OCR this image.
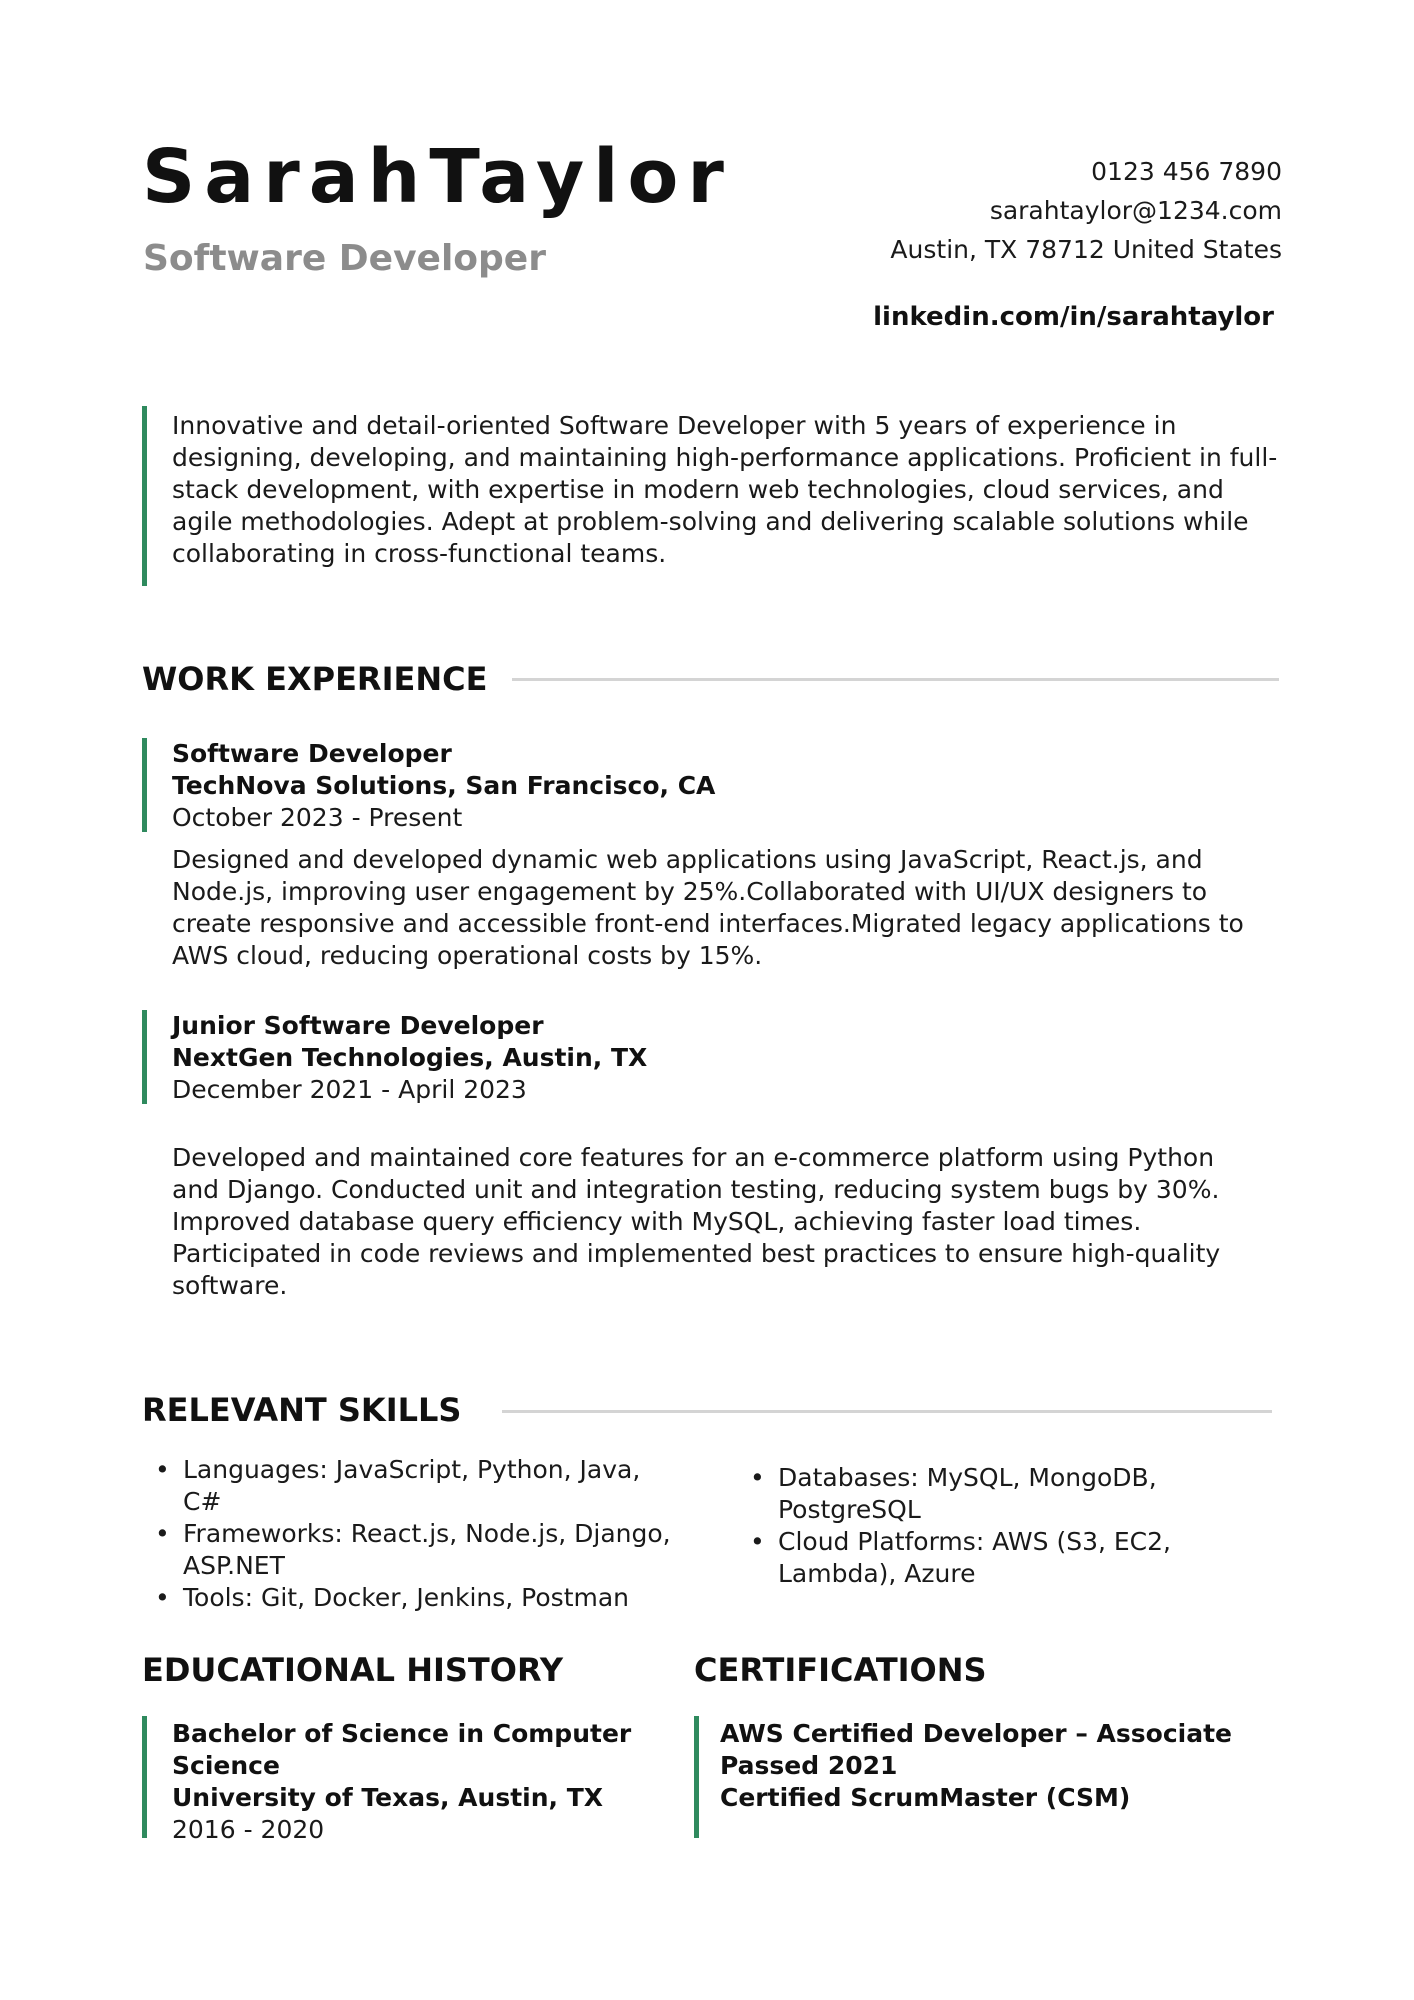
SarahTaylor
Software Developer
0123 456 7890
sarahtaylor@1234.com
Austin, TX 78712 United States
linkedin.com/in/sarahtaylor
Innovative and detail-oriented Software Developer with 5 years of experience in designing, developing, and maintaining high-performance applications. Proficient in full-stack development, with expertise in modern web technologies, cloud services, and agile methodologies. Adept at problem-solving and delivering scalable solutions while collaborating in cross-functional teams.
WORK EXPERIENCE
Software Developer
TechNova Solutions, San Francisco, CA
October 2023 - Present
Designed and developed dynamic web applications using JavaScript, React.js, and Node.js, improving user engagement by 25%.Collaborated with UI/UX designers to create responsive and accessible front-end interfaces.Migrated legacy applications to AWS cloud, reducing operational costs by 15%.
Junior Software Developer
NextGen Technologies, Austin, TX
December 2021 - April 2023
Developed and maintained core features for an e-commerce platform using Python and Django. Conducted unit and integration testing, reducing system bugs by 30%. Improved database query efficiency with MySQL, achieving faster load times. Participated in code reviews and implemented best practices to ensure high-quality software.
RELEVANT SKILLS
• Languages: JavaScript, Python, Java, C#
• Frameworks: React.js, Node.js, Django, ASP.NET
• Tools: Git, Docker, Jenkins, Postman
• Databases: MySQL, MongoDB, PostgreSQL
• Cloud Platforms: AWS (S3, EC2, Lambda), Azure
EDUCATIONAL HISTORY
Bachelor of Science in Computer Science
University of Texas, Austin, TX
2016 - 2020
CERTIFICATIONS
AWS Certified Developer – Associate Passed 2021
Certified ScrumMaster (CSM)
